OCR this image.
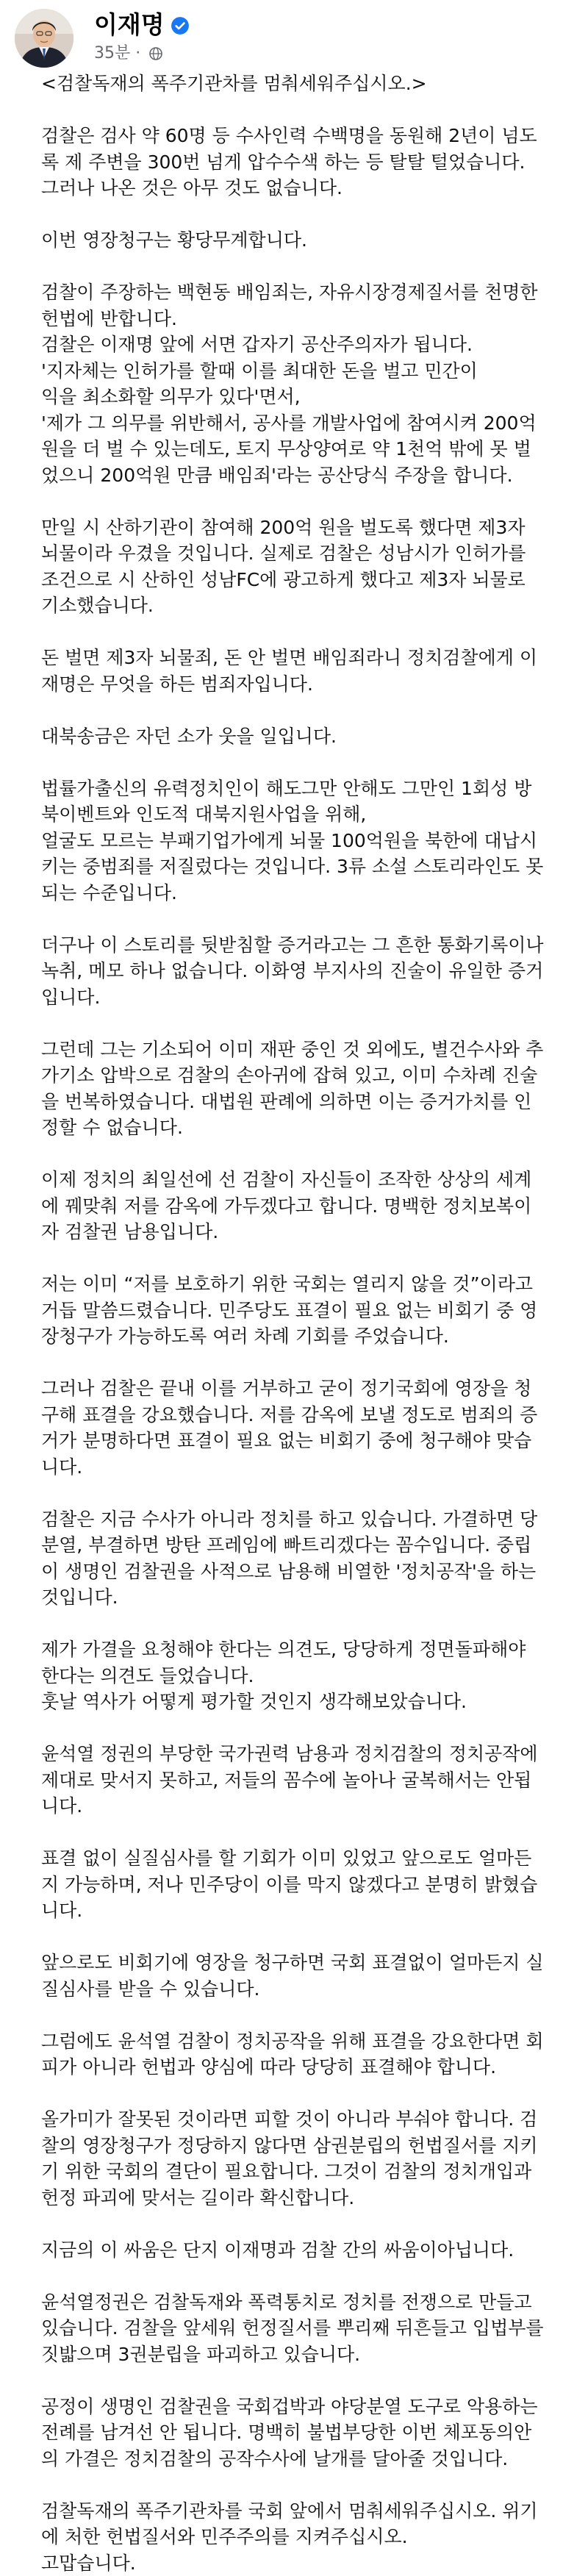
이재명
35분 ·

<검찰독재의 폭주기관차를 멈춰세워주십시오.>

검찰은 검사 약 60명 등 수사인력 수백명을 동원해 2년이 넘도
록 제 주변을 300번 넘게 압수수색 하는 등 탈탈 털었습니다.
그러나 나온 것은 아무 것도 없습니다.

이번 영장청구는 황당무계합니다.

검찰이 주장하는 백현동 배임죄는, 자유시장경제질서를 천명한
헌법에 반합니다.
검찰은 이재명 앞에 서면 갑자기 공산주의자가 됩니다.
'지자체는 인허가를 할때 이를 최대한 돈을 벌고 민간이
익을 최소화할 의무가 있다'면서,
'제가 그 의무를 위반해서, 공사를 개발사업에 참여시켜 200억
원을 더 벌 수 있는데도, 토지 무상양여로 약 1천억 밖에 못 벌
었으니 200억원 만큼 배임죄'라는 공산당식 주장을 합니다.

만일 시 산하기관이 참여해 200억 원을 벌도록 했다면 제3자
뇌물이라 우겼을 것입니다. 실제로 검찰은 성남시가 인허가를
조건으로 시 산하인 성남FC에 광고하게 했다고 제3자 뇌물로
기소했습니다.

돈 벌면 제3자 뇌물죄, 돈 안 벌면 배임죄라니 정치검찰에게 이
재명은 무엇을 하든 범죄자입니다.

대북송금은 자던 소가 웃을 일입니다.

법률가출신의 유력정치인이 해도그만 안해도 그만인 1회성 방
북이벤트와 인도적 대북지원사업을 위해,
얼굴도 모르는 부패기업가에게 뇌물 100억원을 북한에 대납시
키는 중범죄를 저질렀다는 것입니다. 3류 소설 스토리라인도 못
되는 수준입니다.

더구나 이 스토리를 뒷받침할 증거라고는 그 흔한 통화기록이나
녹취, 메모 하나 없습니다. 이화영 부지사의 진술이 유일한 증거
입니다.

그런데 그는 기소되어 이미 재판 중인 것 외에도, 별건수사와 추
가기소 압박으로 검찰의 손아귀에 잡혀 있고, 이미 수차례 진술
을 번복하였습니다. 대법원 판례에 의하면 이는 증거가치를 인
정할 수 없습니다.

이제 정치의 최일선에 선 검찰이 자신들이 조작한 상상의 세계
에 꿰맞춰 저를 감옥에 가두겠다고 합니다. 명백한 정치보복이
자 검찰권 남용입니다.

저는 이미 “저를 보호하기 위한 국회는 열리지 않을 것”이라고
거듭 말씀드렸습니다. 민주당도 표결이 필요 없는 비회기 중 영
장청구가 가능하도록 여러 차례 기회를 주었습니다.

그러나 검찰은 끝내 이를 거부하고 굳이 정기국회에 영장을 청
구해 표결을 강요했습니다. 저를 감옥에 보낼 정도로 범죄의 증
거가 분명하다면 표결이 필요 없는 비회기 중에 청구해야 맞습
니다.

검찰은 지금 수사가 아니라 정치를 하고 있습니다. 가결하면 당
분열, 부결하면 방탄 프레임에 빠트리겠다는 꼼수입니다. 중립
이 생명인 검찰권을 사적으로 남용해 비열한 '정치공작'을 하는
것입니다.

제가 가결을 요청해야 한다는 의견도, 당당하게 정면돌파해야
한다는 의견도 들었습니다.
훗날 역사가 어떻게 평가할 것인지 생각해보았습니다.

윤석열 정권의 부당한 국가권력 남용과 정치검찰의 정치공작에
제대로 맞서지 못하고, 저들의 꼼수에 놀아나 굴복해서는 안됩
니다.

표결 없이 실질심사를 할 기회가 이미 있었고 앞으로도 얼마든
지 가능하며, 저나 민주당이 이를 막지 않겠다고 분명히 밝혔습
니다.

앞으로도 비회기에 영장을 청구하면 국회 표결없이 얼마든지 실
질심사를 받을 수 있습니다.

그럼에도 윤석열 검찰이 정치공작을 위해 표결을 강요한다면 회
피가 아니라 헌법과 양심에 따라 당당히 표결해야 합니다.

올가미가 잘못된 것이라면 피할 것이 아니라 부숴야 합니다. 검
찰의 영장청구가 정당하지 않다면 삼권분립의 헌법질서를 지키
기 위한 국회의 결단이 필요합니다. 그것이 검찰의 정치개입과
헌정 파괴에 맞서는 길이라 확신합니다.

지금의 이 싸움은 단지 이재명과 검찰 간의 싸움이아닙니다.

윤석열정권은 검찰독재와 폭력통치로 정치를 전쟁으로 만들고
있습니다. 검찰을 앞세워 헌정질서를 뿌리째 뒤흔들고 입법부를
짓밟으며 3권분립을 파괴하고 있습니다.

공정이 생명인 검찰권을 국회겁박과 야당분열 도구로 악용하는
전례를 남겨선 안 됩니다. 명백히 불법부당한 이번 체포동의안
의 가결은 정치검찰의 공작수사에 날개를 달아줄 것입니다.

검찰독재의 폭주기관차를 국회 앞에서 멈춰세워주십시오. 위기
에 처한 헌법질서와 민주주의를 지켜주십시오.
고맙습니다.
